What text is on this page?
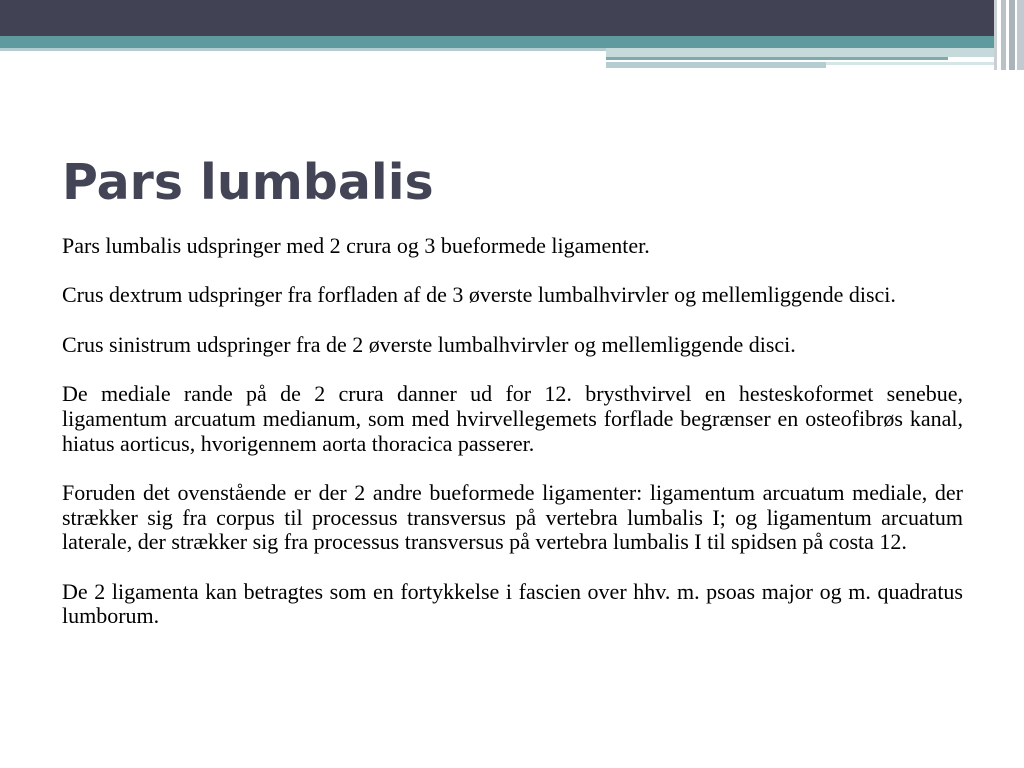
Pars lumbalis

Pars lumbalis udspringer med 2 crura og 3 bueformede ligamenter.

Crus dextrum udspringer fra forfladen af de 3 øverste lumbalhvirvler og mellemliggende disci.

Crus sinistrum udspringer fra de 2 øverste lumbalhvirvler og mellemliggende disci.

De mediale rande på de 2 crura danner ud for 12. brysthvirvel en hesteskoformet senebue, ligamentum arcuatum medianum, som med hvirvellegemets forflade begrænser en osteofibrøs kanal, hiatus aorticus, hvorigennem aorta thoracica passerer.

Foruden det ovenstående er der 2 andre bueformede ligamenter: ligamentum arcuatum mediale, der strækker sig fra corpus til processus transversus på vertebra lumbalis I; og ligamentum arcuatum laterale, der strækker sig fra processus transversus på vertebra lumbalis I til spidsen på costa 12.

De 2 ligamenta kan betragtes som en fortykkelse i fascien over hhv. m. psoas major og m. quadratus lumborum.
